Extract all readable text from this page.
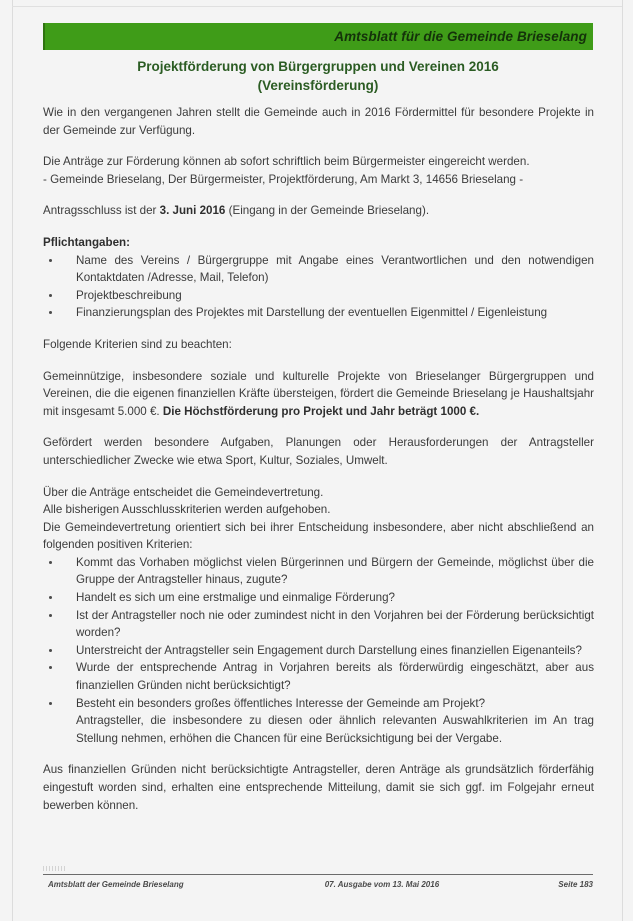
Amtsblatt für die Gemeinde Brieselang
Projektförderung von Bürgergruppen und Vereinen 2016
(Vereinsförderung)

Wie in den vergangenen Jahren stellt die Gemeinde auch in 2016 Fördermittel für besondere Projekte in der Gemeinde zur Verfügung.

Die Anträge zur Förderung können ab sofort schriftlich beim Bürgermeister eingereicht werden.

- Gemeinde Brieselang, Der Bürgermeister, Projektförderung, Am Markt 3, 14656 Brieselang -

Antragsschluss ist der 3. Juni 2016 (Eingang in der Gemeinde Brieselang).

Pflichtangaben:

Name des Vereins / Bürgergruppe mit Angabe eines Verantwortlichen und den notwendigen Kontaktdaten /Adresse, Mail, Telefon)
Projektbeschreibung
Finanzierungsplan des Projektes mit Darstellung der eventuellen Eigenmittel / Eigenleistung

Folgende Kriterien sind zu beachten:

Gemeinnützige, insbesondere soziale und kulturelle Projekte von Brieselanger Bürgergruppen und Vereinen, die die eigenen finanziellen Kräfte übersteigen, fördert die Gemeinde Brieselang je Haushaltsjahr mit insgesamt 5.000 €. Die Höchstförderung pro Projekt und Jahr beträgt 1000 €.

Gefördert werden besondere Aufgaben, Planungen oder Herausforderungen der Antragsteller unterschiedlicher Zwecke wie etwa Sport, Kultur, Soziales, Umwelt.

Über die Anträge entscheidet die Gemeindevertretung.

Alle bisherigen Ausschlusskriterien werden aufgehoben.

Die Gemeindevertretung orientiert sich bei ihrer Entscheidung insbesondere, aber nicht abschließend an folgenden positiven Kriterien:

Kommt das Vorhaben möglichst vielen Bürgerinnen und Bürgern der Gemeinde, möglichst über die Gruppe der Antragsteller hinaus, zugute?
Handelt es sich um eine erstmalige und einmalige Förderung?
Ist der Antragsteller noch nie oder zumindest nicht in den Vorjahren bei der Förderung berücksichtigt worden?
Unterstreicht der Antragsteller sein Engagement durch Darstellung eines finanziellen Eigenanteils?
Wurde der entsprechende Antrag in Vorjahren bereits als förderwürdig eingeschätzt, aber aus finanziellen Gründen nicht berücksichtigt?
Besteht ein besonders großes öffentliches Interesse der Gemeinde am Projekt?
Antragsteller, die insbesondere zu diesen oder ähnlich relevanten Auswahlkriterien im An trag Stellung nehmen, erhöhen die Chancen für eine Berücksichtigung bei der Vergabe.

Aus finanziellen Gründen nicht berücksichtigte Antragsteller, deren Anträge als grundsätzlich förderfähig eingestuft worden sind, erhalten eine entsprechende Mitteilung, damit sie sich ggf. im Folgejahr erneut bewerben können.

Amtsblatt der Gemeinde Brieselang	07. Ausgabe vom 13. Mai 2016	Seite 183
